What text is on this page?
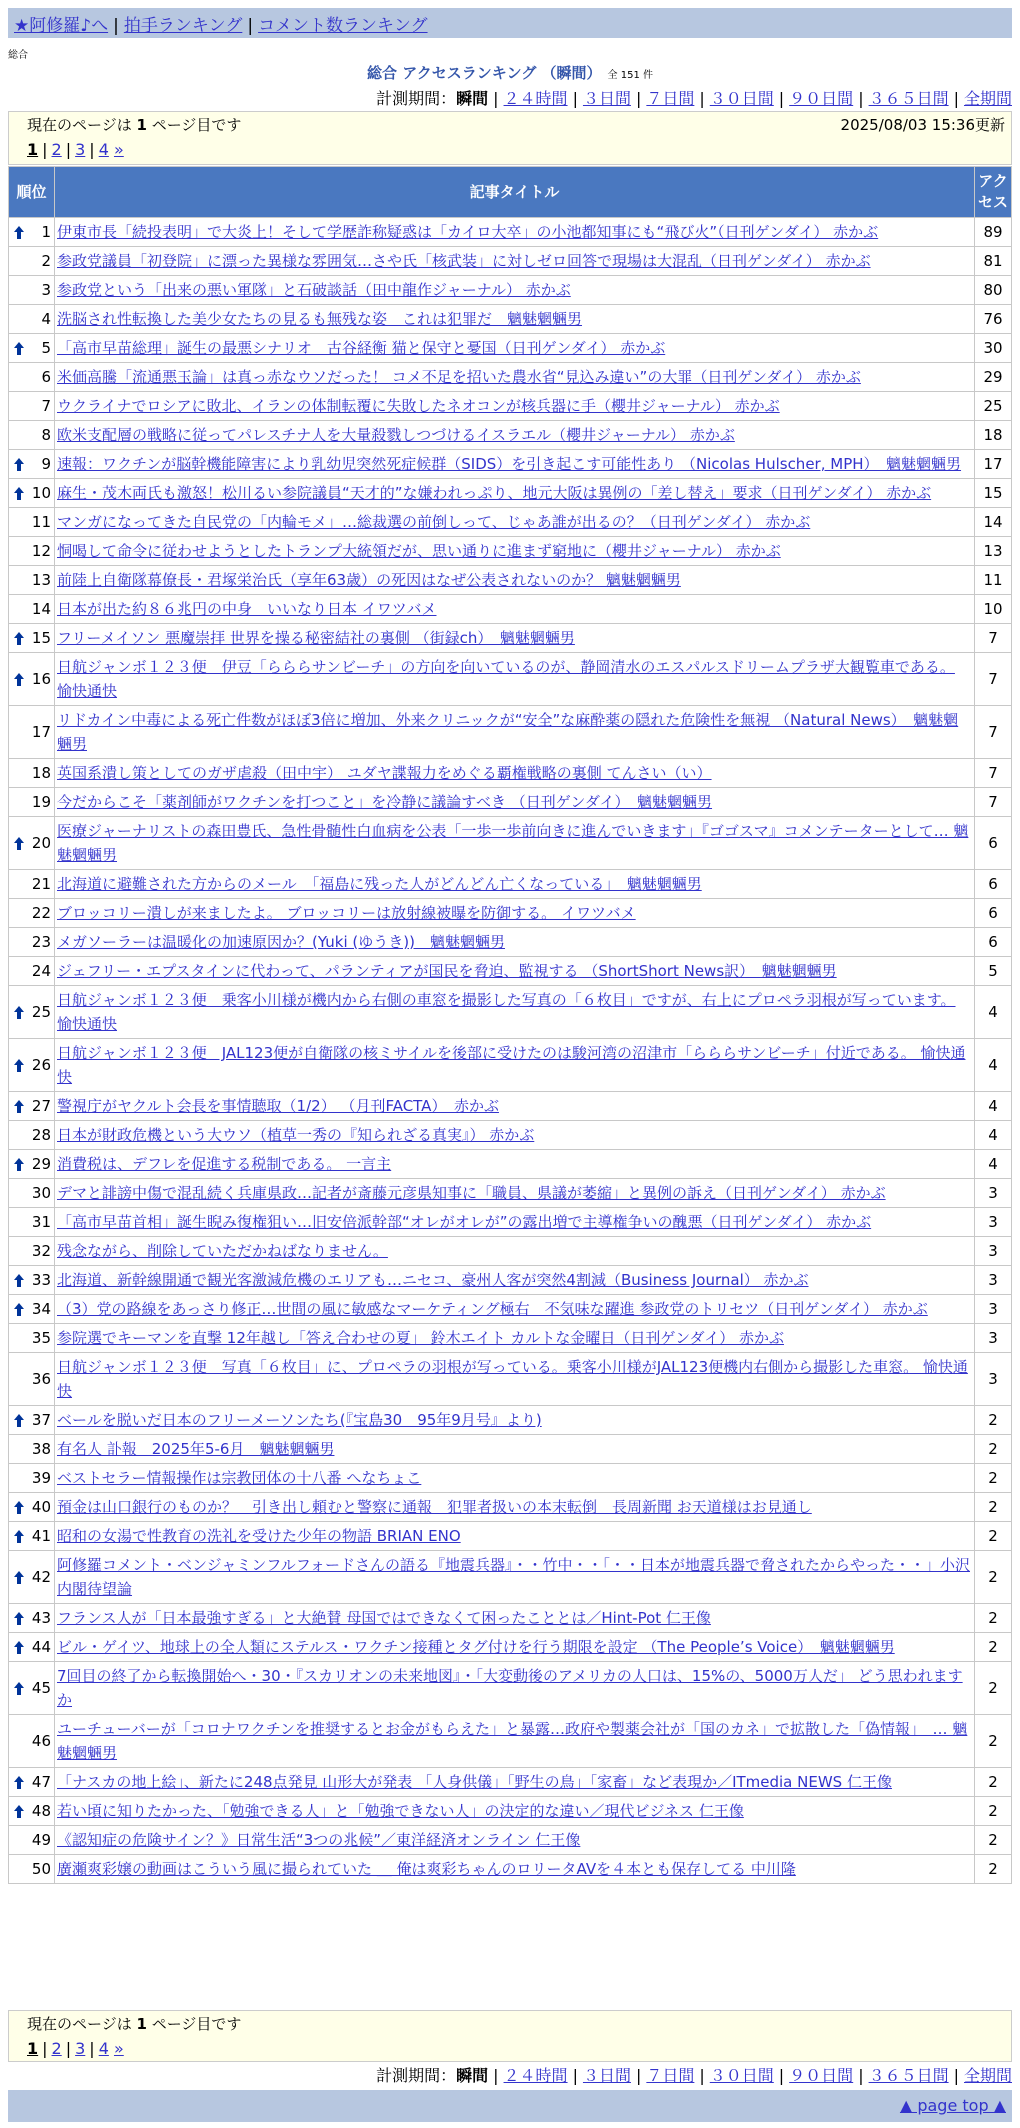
★阿修羅♪へ | 拍手ランキング | コメント数ランキング
総合
総合 アクセスランキング （瞬間） 全 151 件
計測期間：瞬間 | ２４時間 | ３日間 | ７日間 | ３０日間 | ９０日間 | ３６５日間 | 全期間
現在のページは 1 ページ目です	2025/08/03 15:36更新
1 | 2 | 3 | 4 »
順位	記事タイトル	アクセス

1	伊東市長「続投表明」で大炎上！そして学歴詐称疑惑は「カイロ大卒」の小池都知事にも“飛び火”（日刊ゲンダイ） 赤かぶ	89
2	参政党議員「初登院」に漂った異様な雰囲気…さや氏「核武装」に対しゼロ回答で現場は大混乱（日刊ゲンダイ） 赤かぶ	81
3	参政党という「出来の悪い軍隊」と石破談話（田中龍作ジャーナル） 赤かぶ	80
4	洗脳され性転換した美少女たちの見るも無残な姿　これは犯罪だ　魑魅魍魎男	76

5	「高市早苗総理」誕生の最悪シナリオ　古谷経衡 猫と保守と憂国（日刊ゲンダイ） 赤かぶ	30
6	米価高騰「流通悪玉論」は真っ赤なウソだった！ コメ不足を招いた農水省“見込み違い”の大罪（日刊ゲンダイ） 赤かぶ	29
7	ウクライナでロシアに敗北、イランの体制転覆に失敗したネオコンが核兵器に手（櫻井ジャーナル） 赤かぶ	25
8	欧米支配層の戦略に従ってパレスチナ人を大量殺戮しつづけるイスラエル（櫻井ジャーナル） 赤かぶ	18

9	速報：ワクチンが脳幹機能障害により乳幼児突然死症候群（SIDS）を引き起こす可能性あり （Nicolas Hulscher, MPH）　魑魅魍魎男	17

10	麻生・茂木両氏も激怒！松川るい参院議員“天才的”な嫌われっぷり、地元大阪は異例の「差し替え」要求（日刊ゲンダイ） 赤かぶ	15
11	マンガになってきた自民党の「内輪モメ」…総裁選の前倒しって、じゃあ誰が出るの？（日刊ゲンダイ） 赤かぶ	14
12	恫喝して命令に従わせようとしたトランプ大統領だが、思い通りに進まず窮地に（櫻井ジャーナル） 赤かぶ	13
13	前陸上自衛隊幕僚長・君塚栄治氏（享年63歳）の死因はなぜ公表されないのか？ 魑魅魍魎男	11
14	日本が出た約８６兆円の中身　いいなり日本 イワツバメ	10

15	フリーメイソン 悪魔崇拝 世界を操る秘密結社の裏側 （街録ch）　魑魅魍魎男	7

16	日航ジャンボ１２３便　伊豆「らららサンビーチ」の方向を向いているのが、静岡清水のエスパルスドリームプラザ大観覧車である。 愉快通快	7
17	リドカイン中毒による死亡件数がほぼ3倍に増加、外来クリニックが“安全”な麻酔薬の隠れた危険性を無視 （Natural News）　魑魅魍魎男	7
18	英国系潰し策としてのガザ虐殺（田中宇） ユダヤ諜報力をめぐる覇権戦略の裏側 てんさい（い）	7
19	今だからこそ「薬剤師がワクチンを打つこと」を冷静に議論すべき （日刊ゲンダイ）　魑魅魍魎男	7

20	医療ジャーナリストの森田豊氏、急性骨髄性白血病を公表「一歩一歩前向きに進んでいきます」『ゴゴスマ』コメンテーターとして… 魑魅魍魎男	6
21	北海道に避難された方からのメール　「福島に残った人がどんどん亡くなっている」　魑魅魍魎男	6
22	ブロッコリー潰しが来ましたよ。 ブロッコリーは放射線被曝を防御する。 イワツバメ	6
23	メガソーラーは温暖化の加速原因か？(Yuki (ゆうき))　魑魅魍魎男	6
24	ジェフリー・エプスタインに代わって、パランティアが国民を脅迫、監視する （ShortShort News訳）　魑魅魍魎男	5

25	日航ジャンボ１２３便　乗客小川様が機内から右側の車窓を撮影した写真の「６枚目」ですが、右上にプロペラ羽根が写っています。 愉快通快	4

26	日航ジャンボ１２３便　JAL123便が自衛隊の核ミサイルを後部に受けたのは駿河湾の沼津市「らららサンビーチ」付近である。 愉快通快	4

27	警視庁がヤクルト会長を事情聴取（1/2） （月刊FACTA）　赤かぶ	4
28	日本が財政危機という大ウソ（植草一秀の『知られざる真実』） 赤かぶ	4

29	消費税は、デフレを促進する税制である。 一言主	4
30	デマと誹謗中傷で混乱続く兵庫県政…記者が斎藤元彦県知事に「職員、県議が萎縮」と異例の訴え（日刊ゲンダイ） 赤かぶ	3
31	「高市早苗首相」誕生睨み復権狙い…旧安倍派幹部“オレがオレが”の露出増で主導権争いの醜悪（日刊ゲンダイ） 赤かぶ	3
32	残念ながら、削除していただかねばなりません。	3

33	北海道、新幹線開通で観光客激減危機のエリアも…ニセコ、豪州人客が突然4割減（Business Journal） 赤かぶ	3

34	（3）党の路線をあっさり修正…世間の風に敏感なマーケティング極右　不気味な躍進 参政党のトリセツ（日刊ゲンダイ） 赤かぶ	3
35	参院選でキーマンを直撃 12年越し「答え合わせの夏」 鈴木エイト カルトな金曜日（日刊ゲンダイ） 赤かぶ	3
36	日航ジャンボ１２３便　写真「６枚目」に、プロペラの羽根が写っている。乗客小川様がJAL123便機内右側から撮影した車窓。 愉快通快	3

37	ベールを脱いだ日本のフリーメーソンたち(『宝島30　95年9月号』より)	2
38	有名人 訃報　2025年5-6月　魑魅魍魎男	2
39	ベストセラー情報操作は宗教団体の十八番 へなちょこ	2

40	預金は山口銀行のものか？　引き出し頼むと警察に通報　犯罪者扱いの本末転倒　長周新聞 お天道様はお見通し	2

41	昭和の女湯で性教育の洗礼を受けた少年の物語 BRIAN ENO	2

42	阿修羅コメント・ベンジャミンフルフォードさんの語る『地震兵器』・・竹中・・「・・日本が地震兵器で脅されたからやった・・」小沢内閣待望論	2

43	フランス人が「日本最強すぎる」と大絶賛 母国ではできなくて困ったこととは／Hint-Pot 仁王像	2

44	ビル・ゲイツ、地球上の全人類にステルス・ワクチン接種とタグ付けを行う期限を設定 （The People’s Voice）　魑魅魍魎男	2

45	7回目の終了から転換開始へ・30・『スカリオンの未来地図』・「大変動後のアメリカの人口は、15%の、5000万人だ」 どう思われますか	2
46	ユーチューバーが「コロナワクチンを推奨するとお金がもらえた」と暴露…政府や製薬会社が「国のカネ」で拡散した「偽情報」　… 魑魅魍魎男	2

47	「ナスカの地上絵」、新たに248点発見 山形大が発表 「人身供儀」「野生の鳥」「家畜」など表現か／ITmedia NEWS 仁王像	2

48	若い頃に知りたかった、「勉強できる人」と「勉強できない人」の決定的な違い／現代ビジネス 仁王像	2
49	《認知症の危険サイン？》日常生活“3つの兆候”／東洋経済オンライン 仁王像	2
50	廣瀬爽彩嬢の動画はこういう風に撮られていた ＿ 俺は爽彩ちゃんのロリータAVを４本とも保存してる 中川隆	2
現在のページは 1 ページ目です
1 | 2 | 3 | 4 »
計測期間：瞬間 | ２４時間 | ３日間 | ７日間 | ３０日間 | ９０日間 | ３６５日間 | 全期間
▲ page top ▲
